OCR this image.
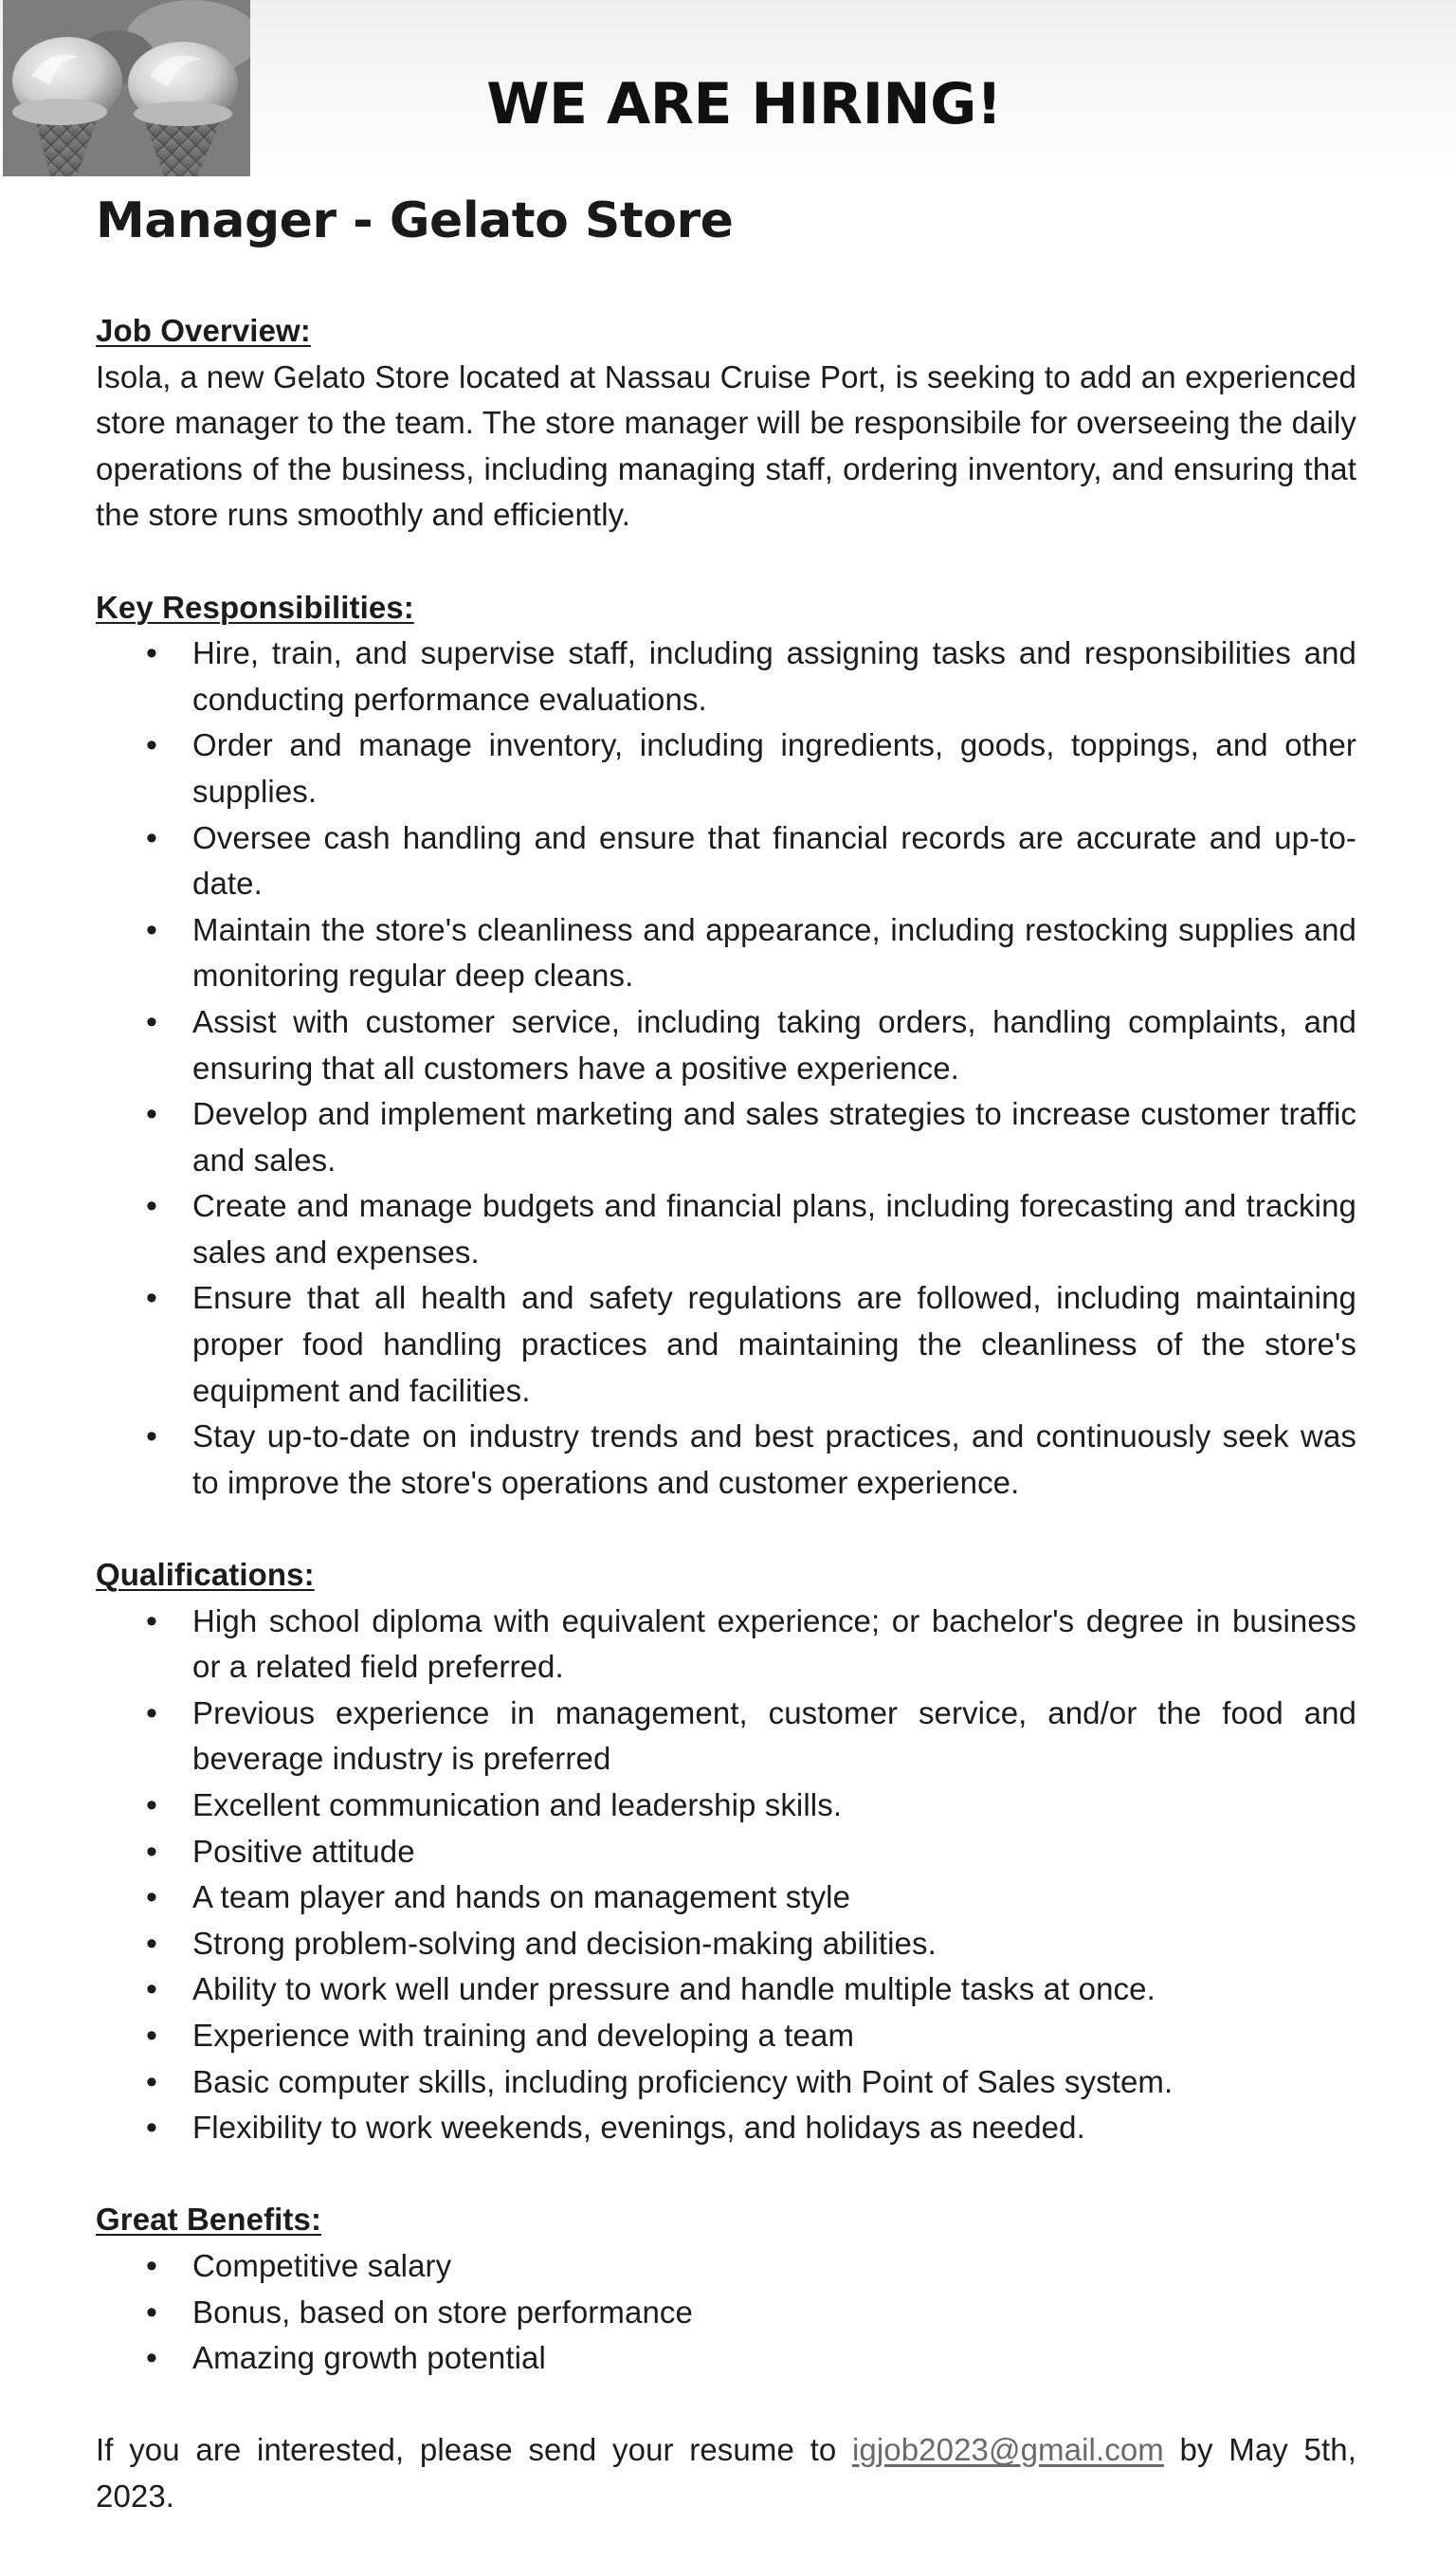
WE ARE HIRING!
Manager - Gelato Store

Job Overview:

Isola, a new Gelato Store located at Nassau Cruise Port, is seeking to add an experienced store manager to the team. The store manager will be responsibile for overseeing the daily operations of the business, including managing staff, ordering inventory, and ensuring that the store runs smoothly and efficiently.

Key Responsibilities:

• Hire, train, and supervise staff, including assigning tasks and responsibilities and conducting performance evaluations.
• Order and manage inventory, including ingredients, goods, toppings, and other supplies.
• Oversee cash handling and ensure that financial records are accurate and up-to-date.
• Maintain the store's cleanliness and appearance, including restocking supplies and monitoring regular deep cleans.
• Assist with customer service, including taking orders, handling complaints, and ensuring that all customers have a positive experience.
• Develop and implement marketing and sales strategies to increase customer traffic and sales.
• Create and manage budgets and financial plans, including forecasting and tracking sales and expenses.
• Ensure that all health and safety regulations are followed, including maintaining proper food handling practices and maintaining the cleanliness of the store's equipment and facilities.
• Stay up-to-date on industry trends and best practices, and continuously seek was to improve the store's operations and customer experience.

Qualifications:

• High school diploma with equivalent experience; or bachelor's degree in business or a related field preferred.
• Previous experience in management, customer service, and/or the food and beverage industry is preferred
• Excellent communication and leadership skills.
• Positive attitude
• A team player and hands on management style
• Strong problem-solving and decision-making abilities.
• Ability to work well under pressure and handle multiple tasks at once.
• Experience with training and developing a team
• Basic computer skills, including proficiency with Point of Sales system.
• Flexibility to work weekends, evenings, and holidays as needed.

Great Benefits:

• Competitive salary
• Bonus, based on store performance
• Amazing growth potential

If you are interested, please send your resume to igjob2023@gmail.com by May 5th, 2023.
